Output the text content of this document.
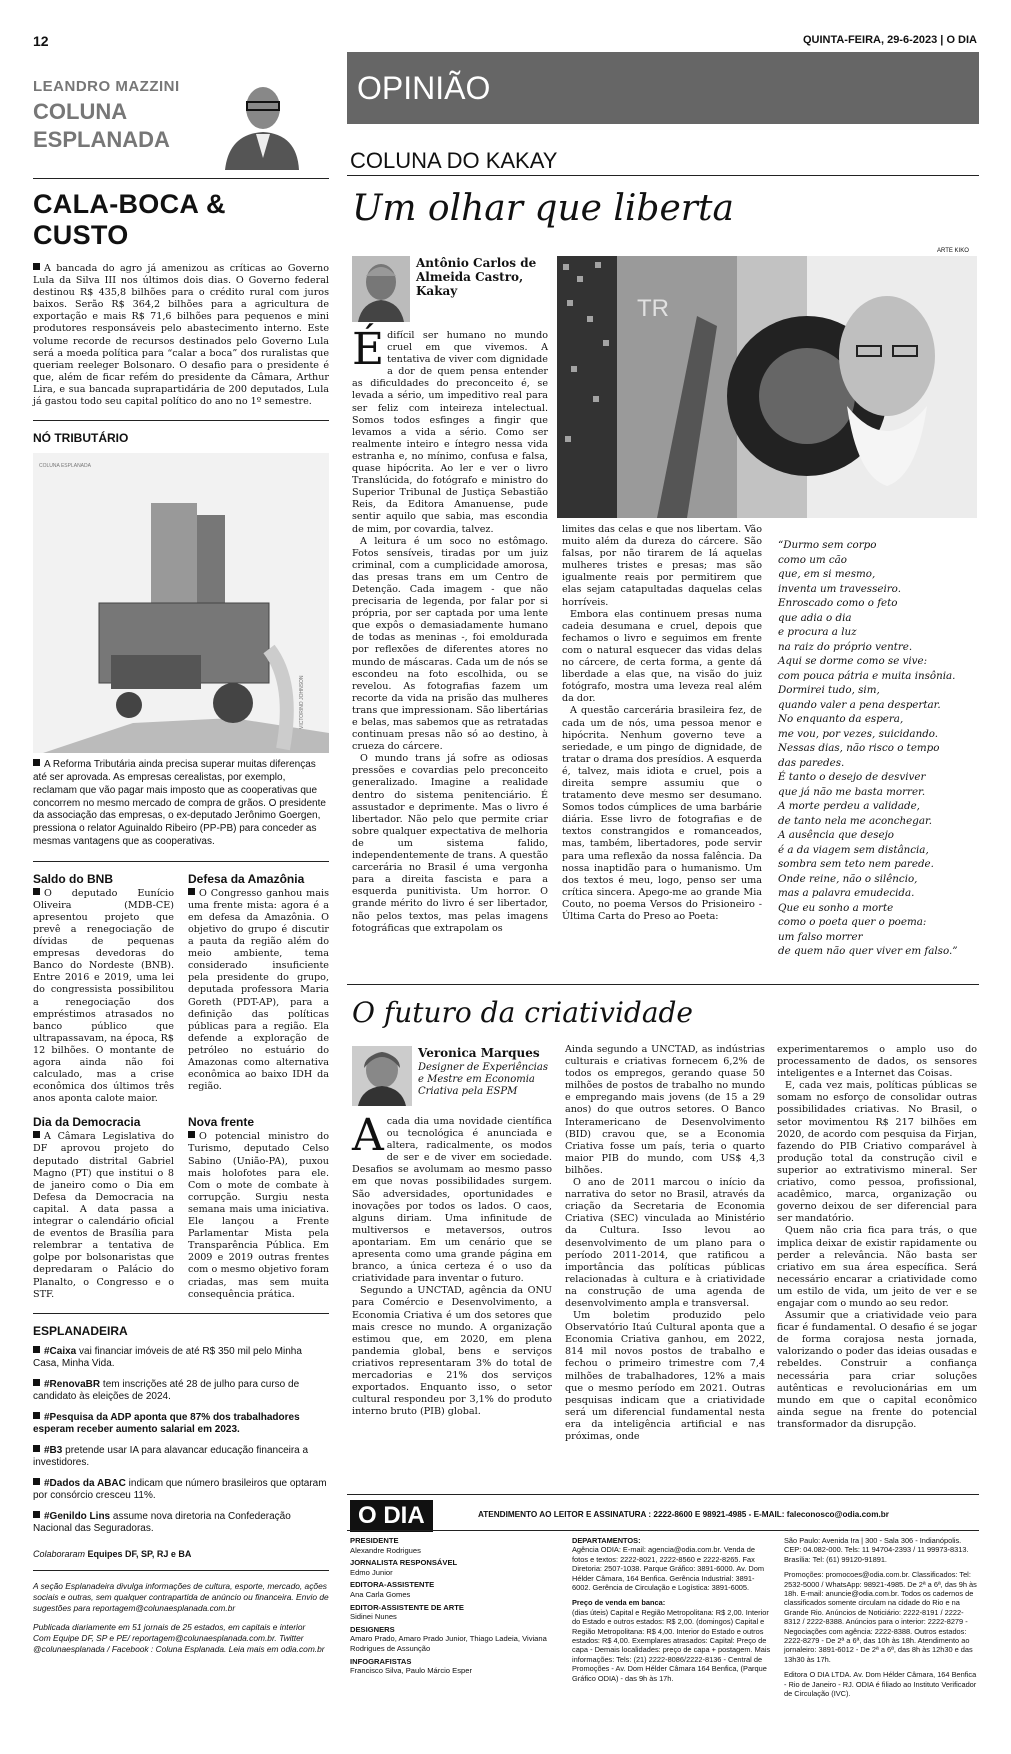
12	QUINTA-FEIRA, 29-6-2023 | O DIA
LEANDRO MAZZINI
COLUNA
ESPLANADA
CALA-BOCA & CUSTO

A bancada do agro já amenizou as críticas ao Governo Lula da Silva III nos últimos dois dias. O Governo federal destinou R$ 435,8 bilhões para o crédito rural com juros baixos. Serão R$ 364,2 bilhões para a agricultura de exportação e mais R$ 71,6 bilhões para pequenos e mini produtores responsáveis pelo abastecimento interno. Este volume recorde de recursos destinados pelo Governo Lula será a moeda política para “calar a boca” dos ruralistas que queriam reeleger Bolsonaro. O desafio para o presidente é que, além de ficar refém do presidente da Câmara, Arthur Lira, e sua bancada suprapartidária de 200 deputados, Lula já gastou todo seu capital político do ano no 1º semestre.

NÓ TRIBUTÁRIO
COLUNA ESPLANADA
VICTORINO JOHNSON

A Reforma Tributária ainda precisa superar muitas diferenças até ser aprovada. As empresas cerealistas, por exemplo, reclamam que vão pagar mais imposto que as cooperativas que concorrem no mesmo mercado de compra de grãos. O presidente da associação das empresas, o ex-deputado Jerônimo Goergen, pressiona o relator Aguinaldo Ribeiro (PP-PB) para conceder as mesmas vantagens que as cooperativas.

Saldo do BNB

O deputado Eunício Oliveira (MDB-CE) apresentou projeto que prevê a renegociação de dívidas de pequenas empresas devedoras do Banco do Nordeste (BNB). Entre 2016 e 2019, uma lei do congressista possibilitou a renegociação dos empréstimos atrasados no banco público que ultrapassavam, na época, R$ 12 bilhões. O montante de agora ainda não foi calculado, mas a crise econômica dos últimos três anos aponta calote maior.

Defesa da Amazônia

O Congresso ganhou mais uma frente mista: agora é a em defesa da Amazônia. O objetivo do grupo é discutir a pauta da região além do meio ambiente, tema considerado insuficiente pela presidente do grupo, deputada professora Maria Goreth (PDT-AP), para a definição das políticas públicas para a região. Ela defende a exploração de petróleo no estuário do Amazonas como alternativa econômica ao baixo IDH da região.

Dia da Democracia

A Câmara Legislativa do DF aprovou projeto do deputado distrital Gabriel Magno (PT) que institui o 8 de janeiro como o Dia em Defesa da Democracia na capital. A data passa a integrar o calendário oficial de eventos de Brasília para relembrar a tentativa de golpe por bolsonaristas que depredaram o Palácio do Planalto, o Congresso e o STF.

Nova frente

O potencial ministro do Turismo, deputado Celso Sabino (União-PA), puxou mais holofotes para ele. Com o mote de combate à corrupção. Surgiu nesta semana mais uma iniciativa. Ele lançou a Frente Parlamentar Mista pela Transparência Pública. Em 2009 e 2019 outras frentes com o mesmo objetivo foram criadas, mas sem muita consequência prática.

ESPLANADEIRA
#Caixa vai financiar imóveis de até R$ 350 mil pelo Minha Casa, Minha Vida.
#RenovaBR tem inscrições até 28 de julho para curso de candidato às eleições de 2024.
#Pesquisa da ADP aponta que 87% dos trabalhadores esperam receber aumento salarial em 2023.
#B3 pretende usar IA para alavancar educação financeira a investidores.
#Dados da ABAC indicam que número brasileiros que optaram por consórcio cresceu 11%.
#Genildo Lins assume nova diretoria na Confederação Nacional das Seguradoras.
Colaboraram Equipes DF, SP, RJ e BA

A seção Esplanadeira divulga informações de cultura, esporte, mercado, ações sociais e outras, sem qualquer contrapartida de anúncio ou financeira. Envio de sugestões para reportagem@colunaesplanada.com.br

Publicada diariamente em 51 jornais de 25 estados, em capitais e interior

Com Equipe DF, SP e PE/ reportagem@colunaesplanada.com.br. Twitter @colunaesplanada / Facebook : Coluna Esplanada. Leia mais em odia.com.br

OPINIÃO
COLUNA DO KAKAY
Um olhar que liberta
Antônio Carlos de Almeida Castro, Kakay
ARTE KIKO
TR

É difícil ser humano no mundo cruel em que vivemos. A tentativa de viver com dignidade a dor de quem pensa entender as dificuldades do preconceito é, se levada a sério, um impeditivo real para ser feliz com inteireza intelectual. Somos todos esfinges a fingir que levamos a vida a sério. Como ser realmente inteiro e íntegro nessa vida estranha e, no mínimo, confusa e falsa, quase hipócrita. Ao ler e ver o livro Translúcida, do fotógrafo e ministro do Superior Tribunal de Justiça Sebastião Reis, da Editora Amanuense, pude sentir aquilo que sabia, mas escondia de mim, por covardia, talvez.

A leitura é um soco no estômago. Fotos sensíveis, tiradas por um juiz criminal, com a cumplicidade amorosa, das presas trans em um Centro de Detenção. Cada imagem - que não precisaria de legenda, por falar por si própria, por ser captada por uma lente que expôs o demasiadamente humano de todas as meninas -, foi emoldurada por reflexões de diferentes atores no mundo de máscaras. Cada um de nós se escondeu na foto escolhida, ou se revelou. As fotografias fazem um recorte da vida na prisão das mulheres trans que impressionam. São libertárias e belas, mas sabemos que as retratadas continuam presas não só ao destino, à crueza do cárcere.

O mundo trans já sofre as odiosas pressões e covardias pelo preconceito generalizado. Imagine a realidade dentro do sistema penitenciário. É assustador e deprimente. Mas o livro é libertador. Não pelo que permite criar sobre qualquer expectativa de melhoria de um sistema falido, independentemente de trans. A questão carcerária no Brasil é uma vergonha para a direita fascista e para a esquerda punitivista. Um horror. O grande mérito do livro é ser libertador, não pelos textos, mas pelas imagens fotográficas que extrapolam os

limites das celas e que nos libertam. Vão muito além da dureza do cárcere. São falsas, por não tirarem de lá aquelas mulheres tristes e presas; mas são igualmente reais por permitirem que elas sejam catapultadas daquelas celas horríveis.

Embora elas continuem presas numa cadeia desumana e cruel, depois que fechamos o livro e seguimos em frente com o natural esquecer das vidas delas no cárcere, de certa forma, a gente dá liberdade a elas que, na visão do juiz fotógrafo, mostra uma leveza real além da dor.

A questão carcerária brasileira fez, de cada um de nós, uma pessoa menor e hipócrita. Nenhum governo teve a seriedade, e um pingo de dignidade, de tratar o drama dos presídios. A esquerda é, talvez, mais idiota e cruel, pois a direita sempre assumiu que o tratamento deve mesmo ser desumano. Somos todos cúmplices de uma barbárie diária. Esse livro de fotografias e de textos constrangidos e romanceados, mas, também, libertadores, pode servir para uma reflexão da nossa falência. Da nossa inaptidão para o humanismo. Um dos textos é meu, logo, penso ser uma crítica sincera. Apego-me ao grande Mia Couto, no poema Versos do Prisioneiro - Última Carta do Preso ao Poeta:

“Durmo sem corpo
como um cão
que, em si mesmo,
inventa um travesseiro.
Enroscado como o feto
que adia o dia
e procura a luz
na raiz do próprio ventre.
Aqui se dorme como se vive:
com pouca pátria e muita insônia.
Dormirei tudo, sim,
quando valer a pena despertar.
No enquanto da espera,
me vou, por vezes, suicidando.
Nessas dias, não risco o tempo
das paredes.
É tanto o desejo de desviver
que já não me basta morrer.
A morte perdeu a validade,
de tanto nela me aconchegar.
A ausência que desejo
é a da viagem sem distância,
sombra sem teto nem parede.
Onde reine, não o silêncio,
mas a palavra emudecida.
Que eu sonho a morte
como o poeta quer o poema:
um falso morrer
de quem não quer viver em falso.”
O futuro da criatividade
Veronica Marques
Designer de Experiências e Mestre em Economia Criativa pela ESPM

A cada dia uma novidade científica ou tecnológica é anunciada e altera, radicalmente, os modos de ser e de viver em sociedade. Desafios se avolumam ao mesmo passo em que novas possibilidades surgem. São adversidades, oportunidades e inovações por todos os lados. O caos, alguns diriam. Uma infinitude de multiversos e metaversos, outros apontariam. Em um cenário que se apresenta como uma grande página em branco, a única certeza é o uso da criatividade para inventar o futuro.

Segundo a UNCTAD, agência da ONU para Comércio e Desenvolvimento, a Economia Criativa é um dos setores que mais cresce no mundo. A organização estimou que, em 2020, em plena pandemia global, bens e serviços criativos representaram 3% do total de mercadorias e 21% dos serviços exportados. Enquanto isso, o setor cultural respondeu por 3,1% do produto interno bruto (PIB) global.

Ainda segundo a UNCTAD, as indústrias culturais e criativas fornecem 6,2% de todos os empregos, gerando quase 50 milhões de postos de trabalho no mundo e empregando mais jovens (de 15 a 29 anos) do que outros setores. O Banco Interamericano de Desenvolvimento (BID) cravou que, se a Economia Criativa fosse um país, teria o quarto maior PIB do mundo, com US$ 4,3 bilhões.

O ano de 2011 marcou o início da narrativa do setor no Brasil, através da criação da Secretaria de Economia Criativa (SEC) vinculada ao Ministério da Cultura. Isso levou ao desenvolvimento de um plano para o período 2011-2014, que ratificou a importância das políticas públicas relacionadas à cultura e à criatividade na construção de uma agenda de desenvolvimento ampla e transversal.

Um boletim produzido pelo Observatório Itaú Cultural aponta que a Economia Criativa ganhou, em 2022, 814 mil novos postos de trabalho e fechou o primeiro trimestre com 7,4 milhões de trabalhadores, 12% a mais que o mesmo período em 2021. Outras pesquisas indicam que a criatividade será um diferencial fundamental nesta era da inteligência artificial e nas próximas, onde

experimentaremos o amplo uso do processamento de dados, os sensores inteligentes e a Internet das Coisas.

E, cada vez mais, políticas públicas se somam no esforço de consolidar outras possibilidades criativas. No Brasil, o setor movimentou R$ 217 bilhões em 2020, de acordo com pesquisa da Firjan, fazendo do PIB Criativo comparável à produção total da construção civil e superior ao extrativismo mineral. Ser criativo, como pessoa, profissional, acadêmico, marca, organização ou governo deixou de ser diferencial para ser mandatório.

Quem não cria fica para trás, o que implica deixar de existir rapidamente ou perder a relevância. Não basta ser criativo em sua área específica. Será necessário encarar a criatividade como um estilo de vida, um jeito de ver e se engajar com o mundo ao seu redor.

Assumir que a criatividade veio para ficar é fundamental. O desafio é se jogar de forma corajosa nesta jornada, valorizando o poder das ideias ousadas e rebeldes. Construir a confiança necessária para criar soluções autênticas e revolucionárias em um mundo em que o capital econômico ainda segue na frente do potencial transformador da disrupção.

O DIA	ATENDIMENTO AO LEITOR E ASSINATURA : 2222-8600 E 98921-4985 - E-MAIL: faleconosco@odia.com.br
PRESIDENTE
Alexandre Rodrigues
JORNALISTA RESPONSÁVEL
Edmo Junior
EDITORA-ASSISTENTE
Ana Carla Gomes
EDITOR-ASSISTENTE DE ARTE
Sidinei Nunes
DESIGNERS
Amaro Prado, Amaro Prado Junior, Thiago Ladeia, Viviana Rodrigues de Assunção
INFOGRAFISTAS
Francisco Silva, Paulo Márcio Esper
DEPARTAMENTOS:

Agência ODIA: E-mail: agencia@odia.com.br. Venda de fotos e textos: 2222-8021, 2222-8560 e 2222-8265. Fax Diretoria: 2507-1038. Parque Gráfico: 3891-6000. Av. Dom Hélder Câmara, 164 Benfica. Gerência Industrial: 3891-6002. Gerência de Circulação e Logística: 3891-6005.

Preço de venda em banca:

(dias úteis) Capital e Região Metropolitana: R$ 2,00. Interior do Estado e outros estados: R$ 2,00. (domingos) Capital e Região Metropolitana: R$ 4,00. Interior do Estado e outros estados: R$ 4,00. Exemplares atrasados: Capital: Preço de capa - Demais localidades: preço de capa + postagem. Mais informações: Tels: (21) 2222-8086/2222-8136 - Central de Promoções - Av. Dom Hélder Câmara 164 Benfica, (Parque Gráfico ODIA) - das 9h às 17h.

São Paulo: Avenida Ira | 300 - Sala 306 - Indianópolis. CEP: 04.082-000. Tels: 11 94704-2393 / 11 99973-8313. Brasília: Tel: (61) 99120-91891.

Promoções: promocoes@odia.com.br. Classificados: Tel: 2532-5000 / WhatsApp: 98921-4985. De 2ª a 6ª, das 9h às 18h. E-mail: anuncie@odia.com.br. Todos os cadernos de classificados somente circulam na cidade do Rio e na Grande Rio. Anúncios de Noticiário: 2222-8191 / 2222-8312 / 2222-8388. Anúncios para o interior: 2222-8279 - Negociações com agência: 2222-8388. Outros estados: 2222-8279 - De 2ª a 6ª, das 10h às 18h. Atendimento ao jornaleiro: 3891-6012 - De 2ª a 6ª, das 8h às 12h30 e das 13h30 às 17h.

Editora O DIA LTDA. Av. Dom Hélder Câmara, 164 Benfica - Rio de Janeiro - RJ. ODIA é filiado ao Instituto Verificador de Circulação (IVC).
